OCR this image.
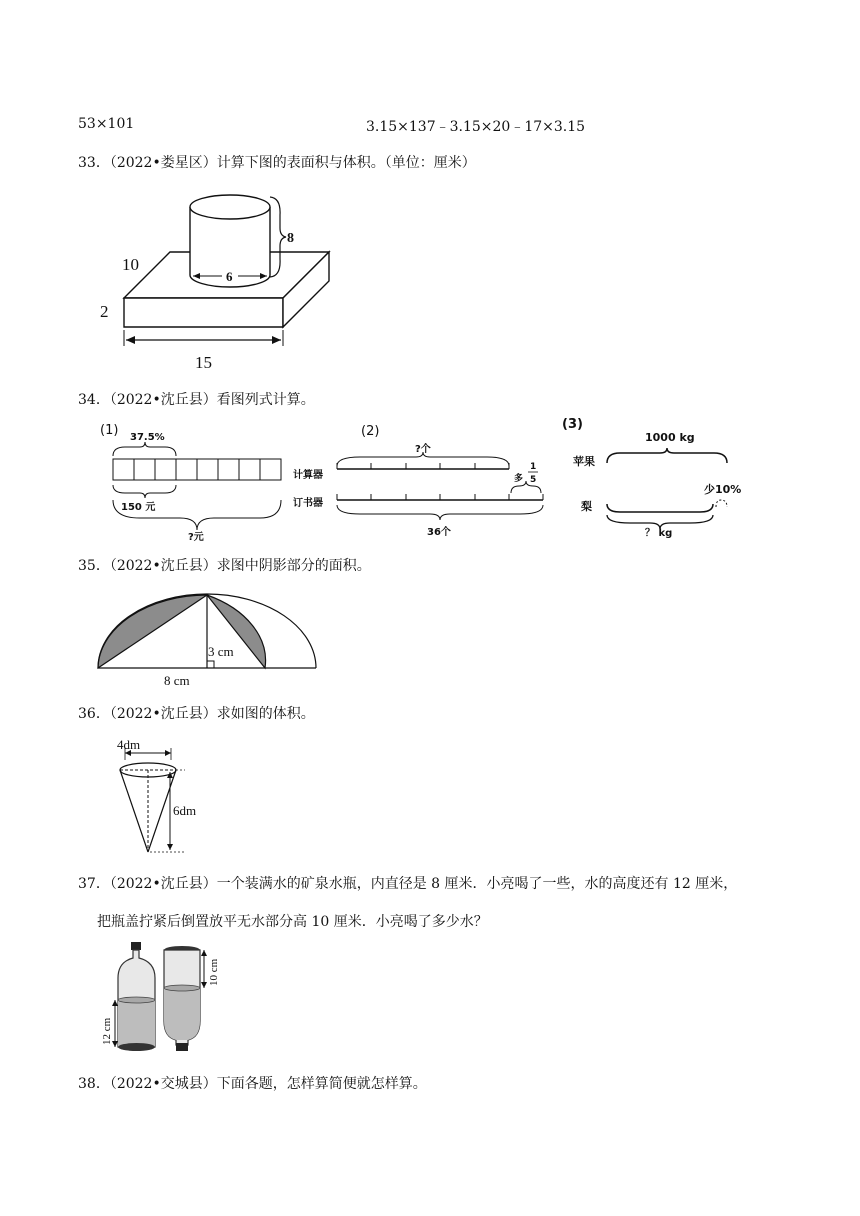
53×101	3.15×137﹣3.15×20﹣17×3.15
33．（2022•娄星区）计算下图的表面积与体积。（单位：厘米）
6
8
10
2
15
34．（2022•沈丘县）看图列式计算。
(1) 37.5%
150 元
?元
(2)
?个
计算器
订书器
多
1
5
36个
(3)
1000 kg
苹果
少10%
梨
？ kg
35．（2022•沈丘县）求图中阴影部分的面积。
3 cm
8 cm
36．（2022•沈丘县）求如图的体积。
4dm
6dm
37．（2022•沈丘县）一个装满水的矿泉水瓶，内直径是 8 厘米．小亮喝了一些，水的高度还有 12 厘米，
把瓶盖拧紧后倒置放平无水部分高 10 厘米．小亮喝了多少水？
12 cm
10 cm
38．（2022•交城县）下面各题，怎样算简便就怎样算。
